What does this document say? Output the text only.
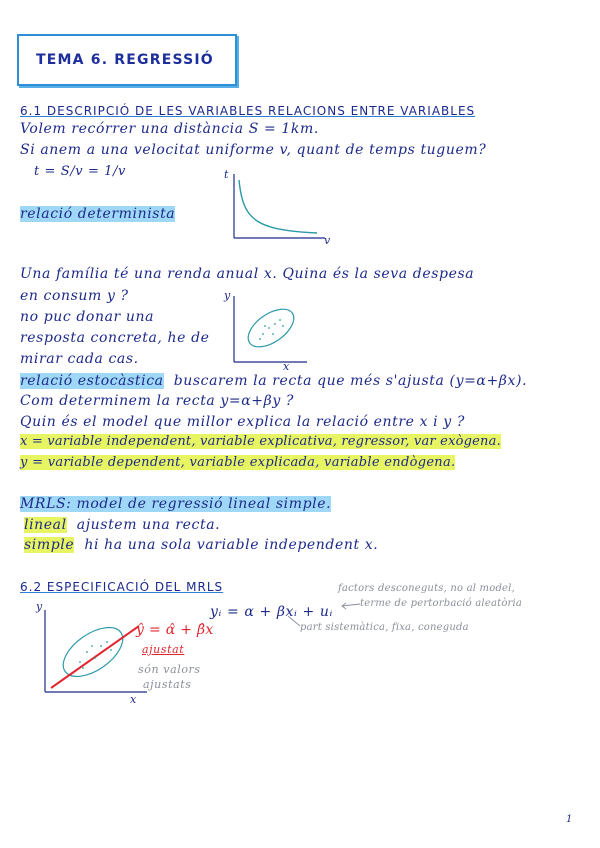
TEMA 6. REGRESSIÓ
6.1 DESCRIPCIÓ DE LES VARIABLES RELACIONS ENTRE VARIABLES
Volem recórrer una distància S = 1km.
Si anem a una velocitat uniforme v, quant de temps tuguem?
t = S/v = 1/v	t
v
relació determinista
Una família té una renda anual x. Quina és la seva despesa
en consum y ?
no puc donar una
resposta concreta, he de
mirar cada cas.
y
x
relació estocàstica buscarem la recta que més s'ajusta (y=α+βx).
Com determinem la recta y=α+βy ?
Quin és el model que millor explica la relació entre x i y ?
x = variable independent, variable explicativa, regressor, var exògena.
y = variable dependent, variable explicada, variable endògena.
MRLS: model de regressió lineal simple.
lineal ajustem una recta.
simple hi ha una sola variable independent x.
6.2 ESPECIFICACIÓ DEL MRLS
yᵢ = α + βxᵢ + uᵢ
factors desconeguts, no al model,
terme de pertorbació aleatòria
part sistemàtica, fixa, coneguda
y
x
ŷ = α̂ + β̂x
ajustat
són valors
ajustats
1
